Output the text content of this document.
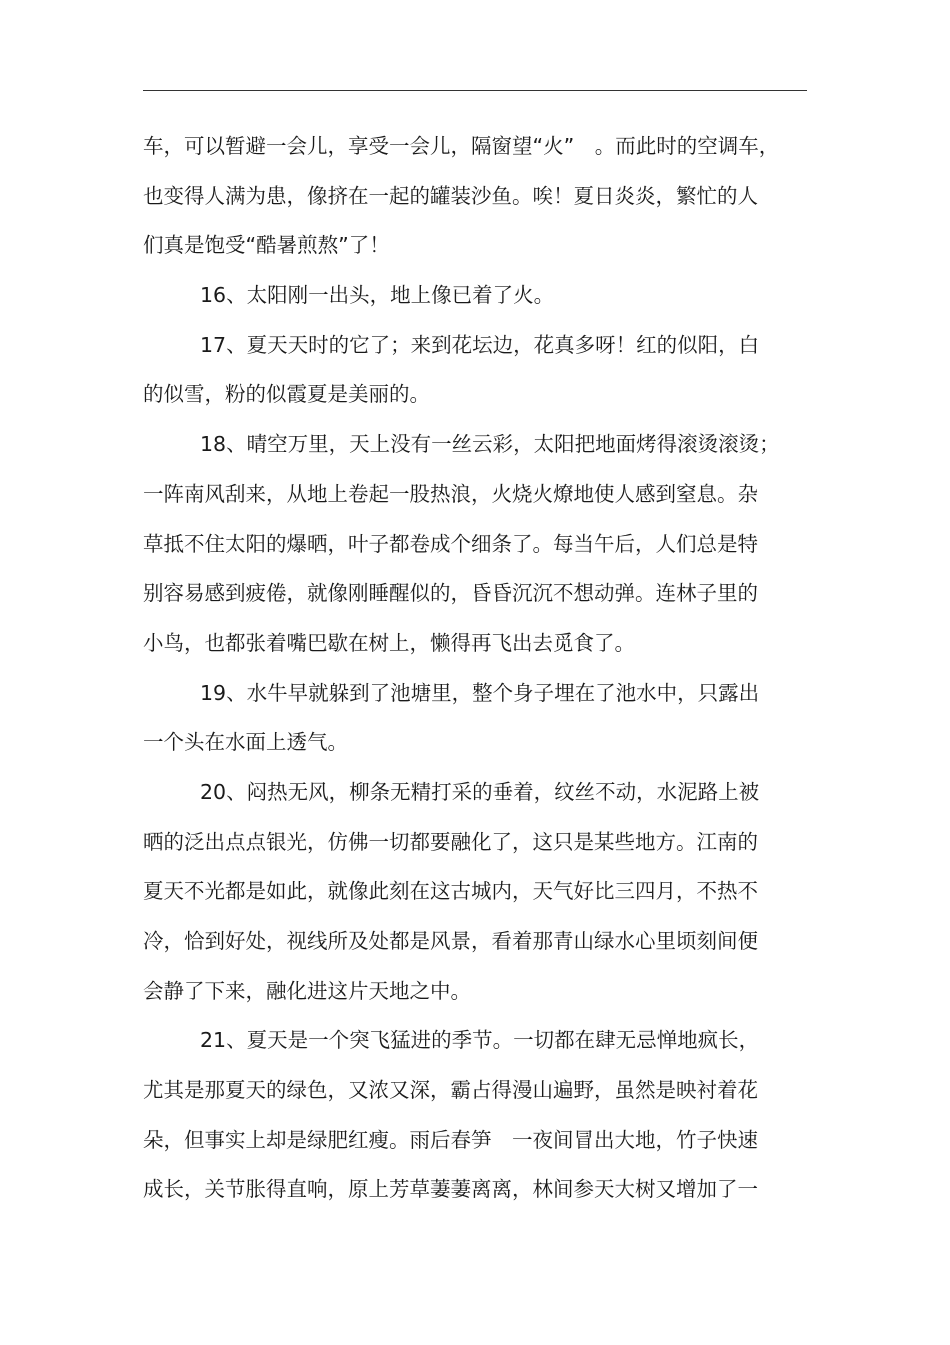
车，可以暂避一会儿，享受一会儿，隔窗望“火”　。而此时的空调车，
也变得人满为患，像挤在一起的罐装沙鱼。唉！夏日炎炎，繁忙的人
们真是饱受“酷暑煎熬”了！
16、太阳刚一出头，地上像已着了火。
17、夏天天时的它了；来到花坛边，花真多呀！红的似阳，白
的似雪，粉的似霞夏是美丽的。
18、晴空万里，天上没有一丝云彩，太阳把地面烤得滚烫滚烫；
一阵南风刮来，从地上卷起一股热浪，火烧火燎地使人感到窒息。杂
草抵不住太阳的爆晒，叶子都卷成个细条了。每当午后，人们总是特
别容易感到疲倦，就像刚睡醒似的，昏昏沉沉不想动弹。连林子里的
小鸟，也都张着嘴巴歇在树上，懒得再飞出去觅食了。
19、水牛早就躲到了池塘里，整个身子埋在了池水中，只露出
一个头在水面上透气。
20、闷热无风，柳条无精打采的垂着，纹丝不动，水泥路上被
晒的泛出点点银光，仿佛一切都要融化了，这只是某些地方。江南的
夏天不光都是如此，就像此刻在这古城内，天气好比三四月，不热不
冷，恰到好处，视线所及处都是风景，看着那青山绿水心里顷刻间便
会静了下来，融化进这片天地之中。
21、夏天是一个突飞猛进的季节。一切都在肆无忌惮地疯长，
尤其是那夏天的绿色，又浓又深，霸占得漫山遍野，虽然是映衬着花
朵，但事实上却是绿肥红瘦。雨后春笋　一夜间冒出大地，竹子快速
成长，关节胀得直响，原上芳草萋萋离离，林间参天大树又增加了一
